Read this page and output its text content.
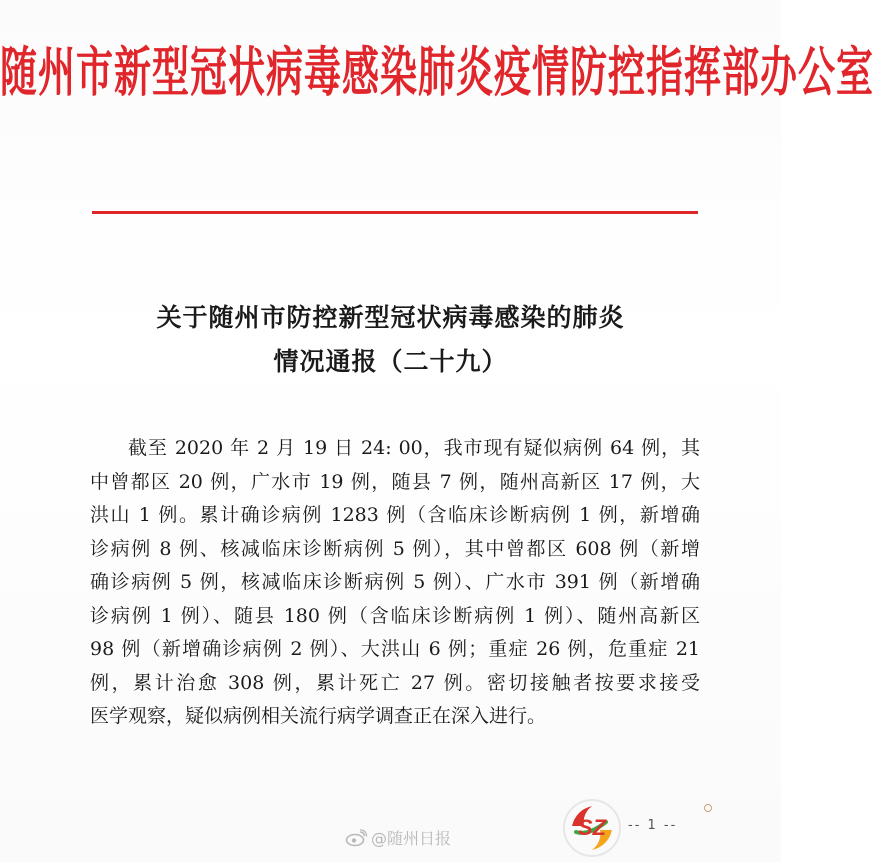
随州市新型冠状病毒感染肺炎疫情防控指挥部办公室
关于随州市防控新型冠状病毒感染的肺炎
情况通报（二十九）
截至 2020 年 2 月 19 日 24: 00，我市现有疑似病例 64 例，其
中曾都区 20 例，广水市 19 例，随县 7 例，随州高新区 17 例，大
洪山 1 例。累计确诊病例 1283 例（含临床诊断病例 1 例，新增确
诊病例 8 例、核减临床诊断病例 5 例），其中曾都区 608 例（新增
确诊病例 5 例，核减临床诊断病例 5 例）、广水市 391 例（新增确
诊病例 1 例）、随县 180 例（含临床诊断病例 1 例）、随州高新区
98 例（新增确诊病例 2 例）、大洪山 6 例；重症 26 例，危重症 21
例，累计治愈 308 例，累计死亡 27 例。密切接触者按要求接受
医学观察，疑似病例相关流行病学调查正在深入进行。
@随州日报	SZ -- 1 --
